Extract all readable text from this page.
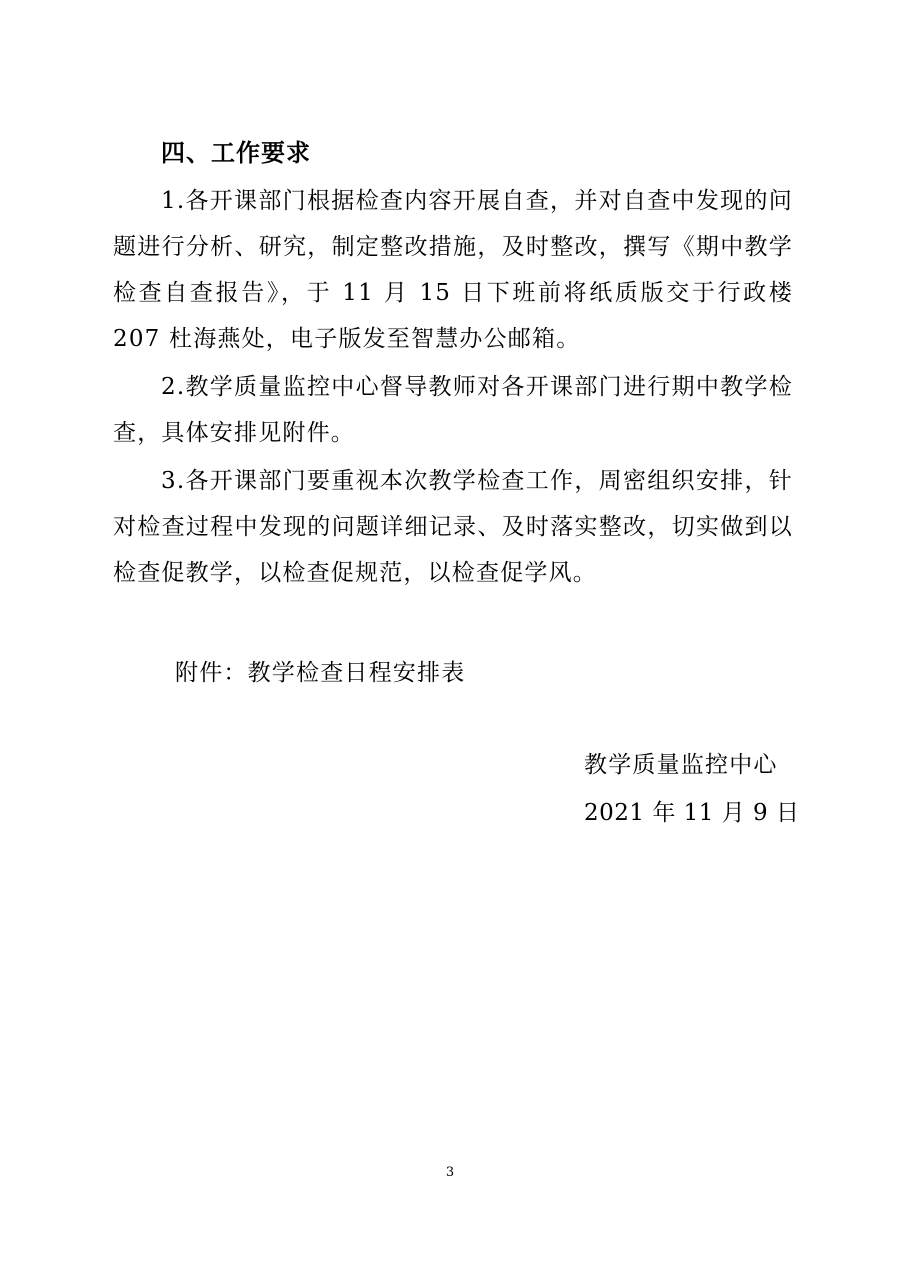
四、工作要求

1.各开课部门根据检查内容开展自查，并对自查中发现的问题进行分析、研究，制定整改措施，及时整改，撰写《期中教学检查自查报告》，于 11 月 15 日下班前将纸质版交于行政楼 207 杜海燕处，电子版发至智慧办公邮箱。

2.教学质量监控中心督导教师对各开课部门进行期中教学检查，具体安排见附件。

3.各开课部门要重视本次教学检查工作，周密组织安排，针对检查过程中发现的问题详细记录、及时落实整改，切实做到以检查促教学，以检查促规范，以检查促学风。

附件：教学检查日程安排表
教学质量监控中心
2021 年 11 月 9 日
3
